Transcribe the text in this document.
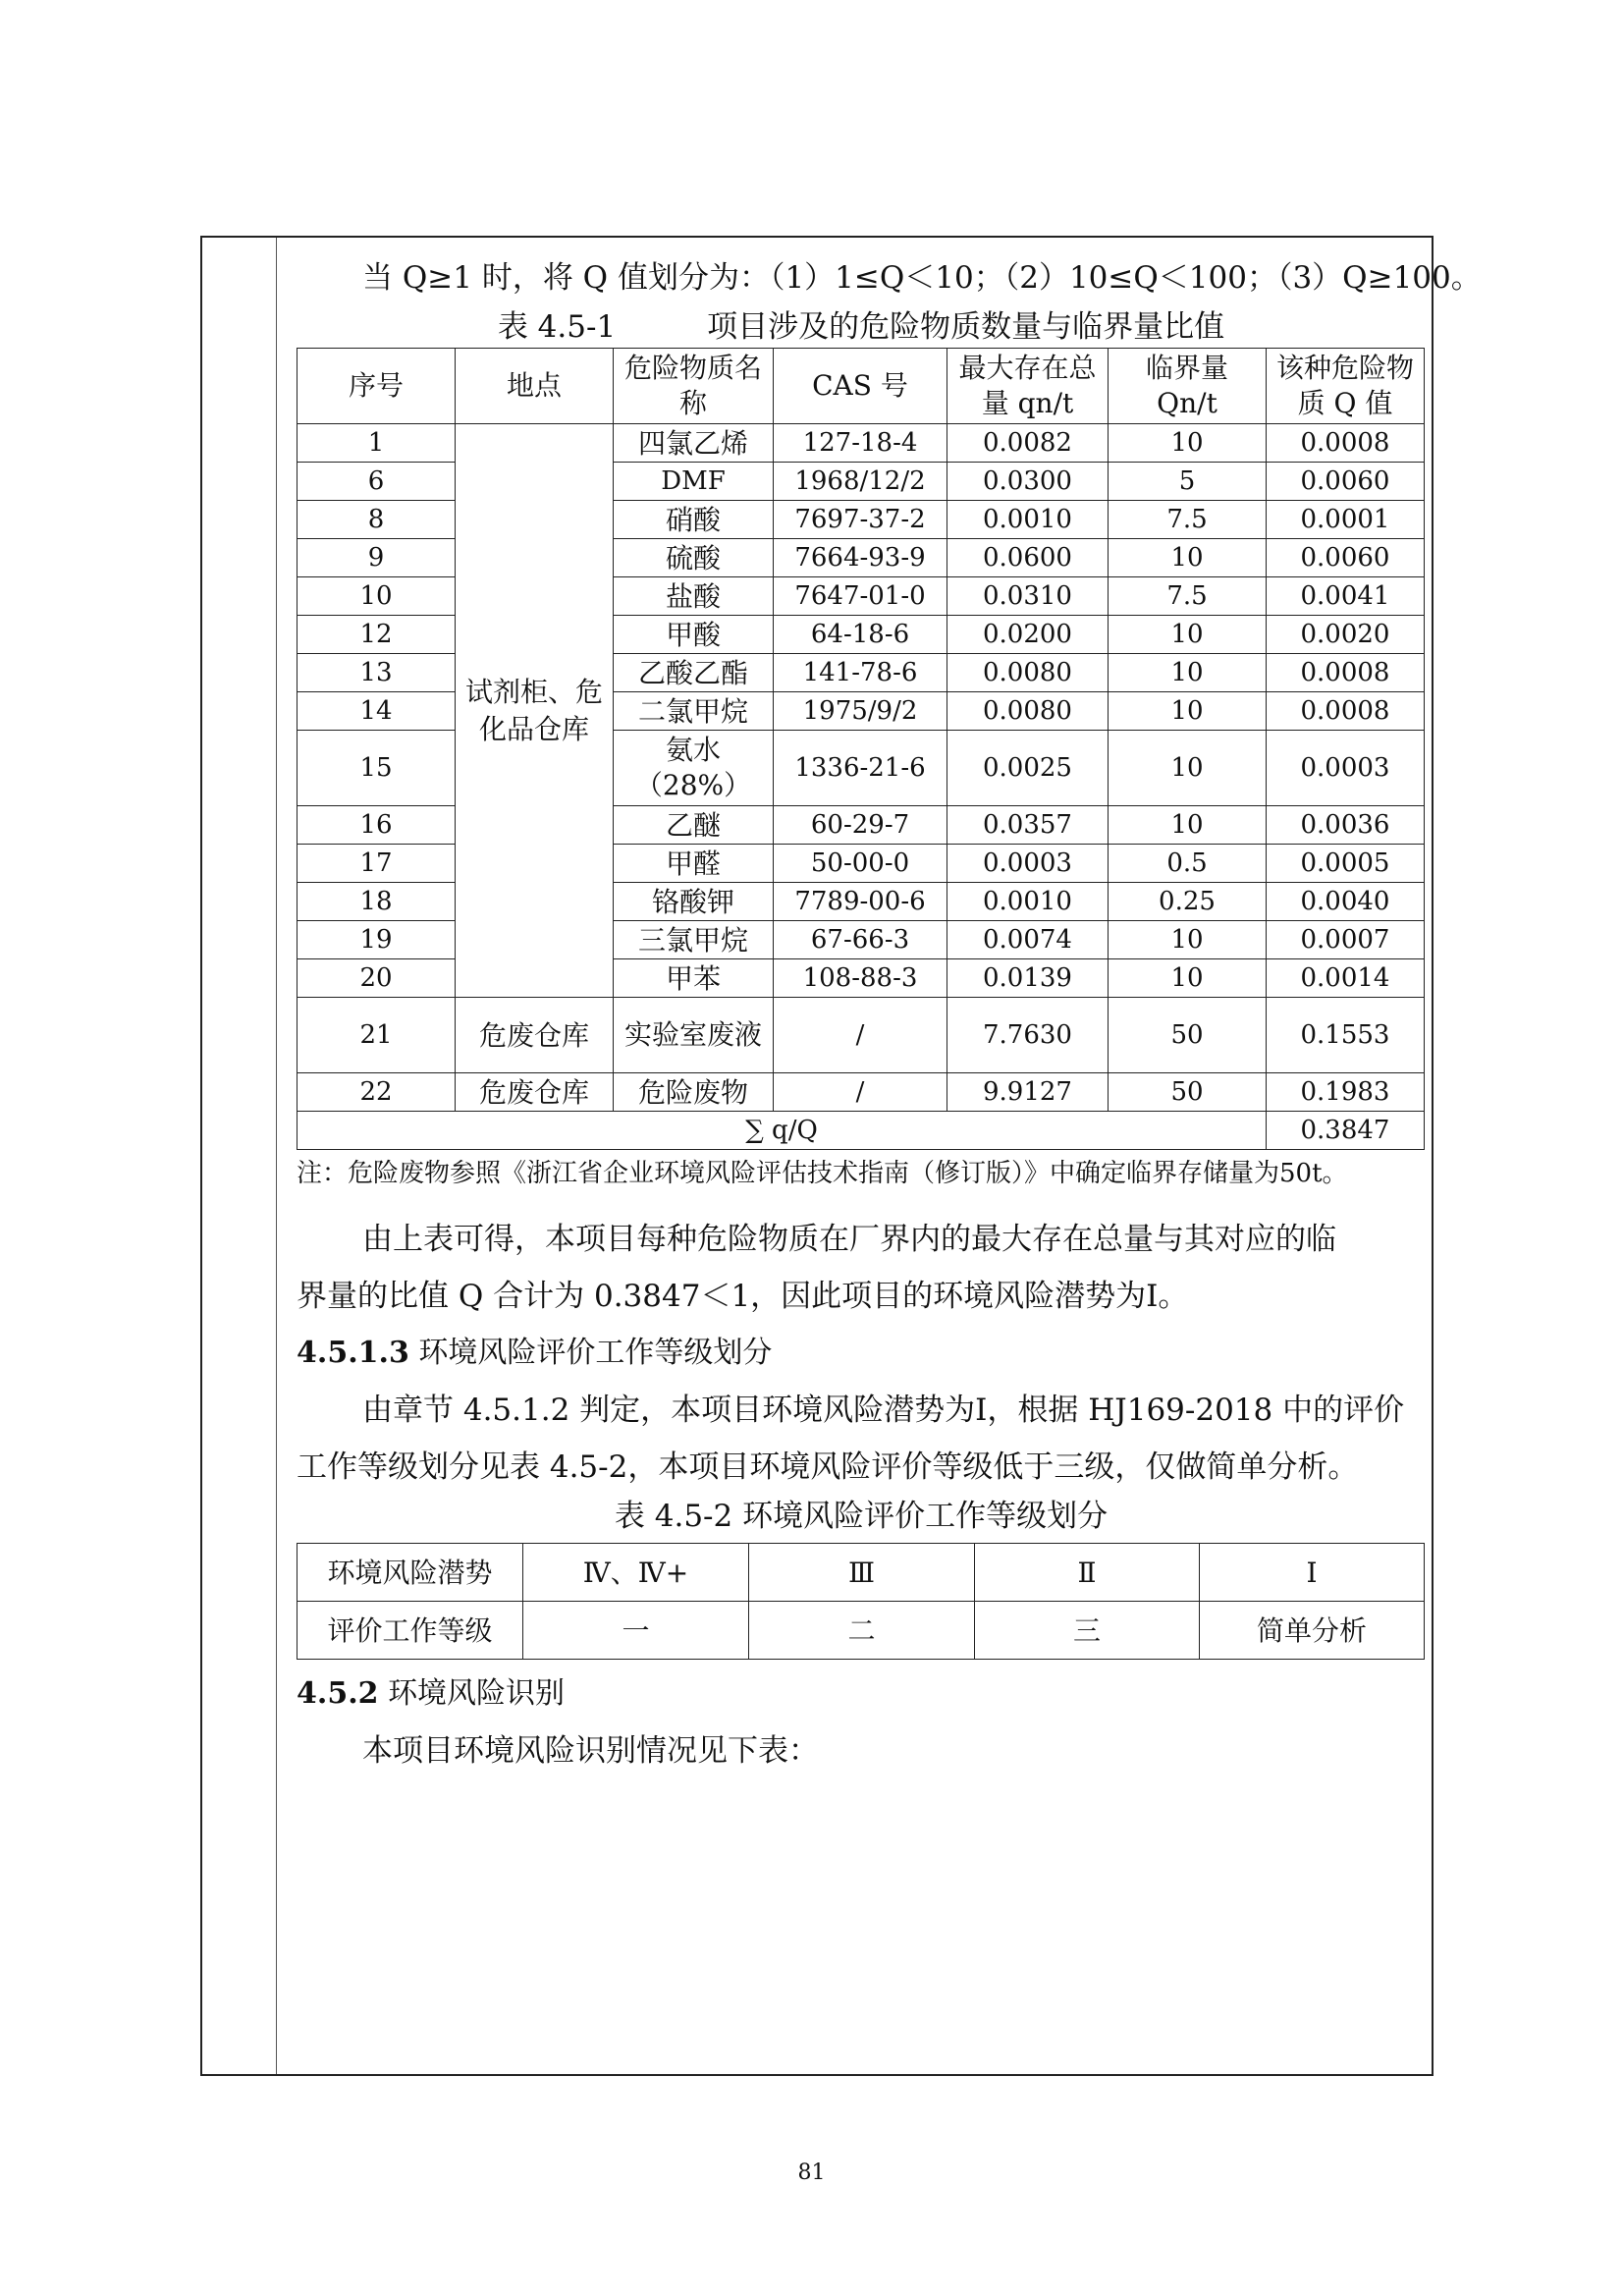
当 Q≥1 时，将 Q 值划分为：（1）1≤Q＜10；（2）10≤Q＜100；（3）Q≥100。

表 4.5-1　　　项目涉及的危险物质数量与临界量比值

序号	地点	危险物质名称	CAS 号	最大存在总量 qn/t	临界量 Qn/t	该种危险物质 Q 值
1	试剂柜、危化品仓库	四氯乙烯	127-18-4	0.0082	10	0.0008
6		DMF	1968/12/2	0.0300	5	0.0060
8		硝酸	7697-37-2	0.0010	7.5	0.0001
9		硫酸	7664-93-9	0.0600	10	0.0060
10		盐酸	7647-01-0	0.0310	7.5	0.0041
12		甲酸	64-18-6	0.0200	10	0.0020
13		乙酸乙酯	141-78-6	0.0080	10	0.0008
14		二氯甲烷	1975/9/2	0.0080	10	0.0008
15		氨水（28%）	1336-21-6	0.0025	10	0.0003
16		乙醚	60-29-7	0.0357	10	0.0036
17		甲醛	50-00-0	0.0003	0.5	0.0005
18		铬酸钾	7789-00-6	0.0010	0.25	0.0040
19		三氯甲烷	67-66-3	0.0074	10	0.0007
20		甲苯	108-88-3	0.0139	10	0.0014
21	危废仓库	实验室废液	/	7.7630	50	0.1553
22	危废仓库	危险废物	/	9.9127	50	0.1983
∑ q/Q						0.3847

注：危险废物参照《浙江省企业环境风险评估技术指南（修订版）》中确定临界存储量为50t。

由上表可得，本项目每种危险物质在厂界内的最大存在总量与其对应的临

界量的比值 Q 合计为 0.3847＜1，因此项目的环境风险潜势为Ⅰ。

4.5.1.3 环境风险评价工作等级划分

由章节 4.5.1.2 判定，本项目环境风险潜势为Ⅰ，根据 HJ169-2018 中的评价

工作等级划分见表 4.5-2，本项目环境风险评价等级低于三级，仅做简单分析。

表 4.5-2 环境风险评价工作等级划分

环境风险潜势	Ⅳ、Ⅳ+	Ⅲ	Ⅱ	Ⅰ
评价工作等级	一	二	三	简单分析

4.5.2 环境风险识别

本项目环境风险识别情况见下表：

81
